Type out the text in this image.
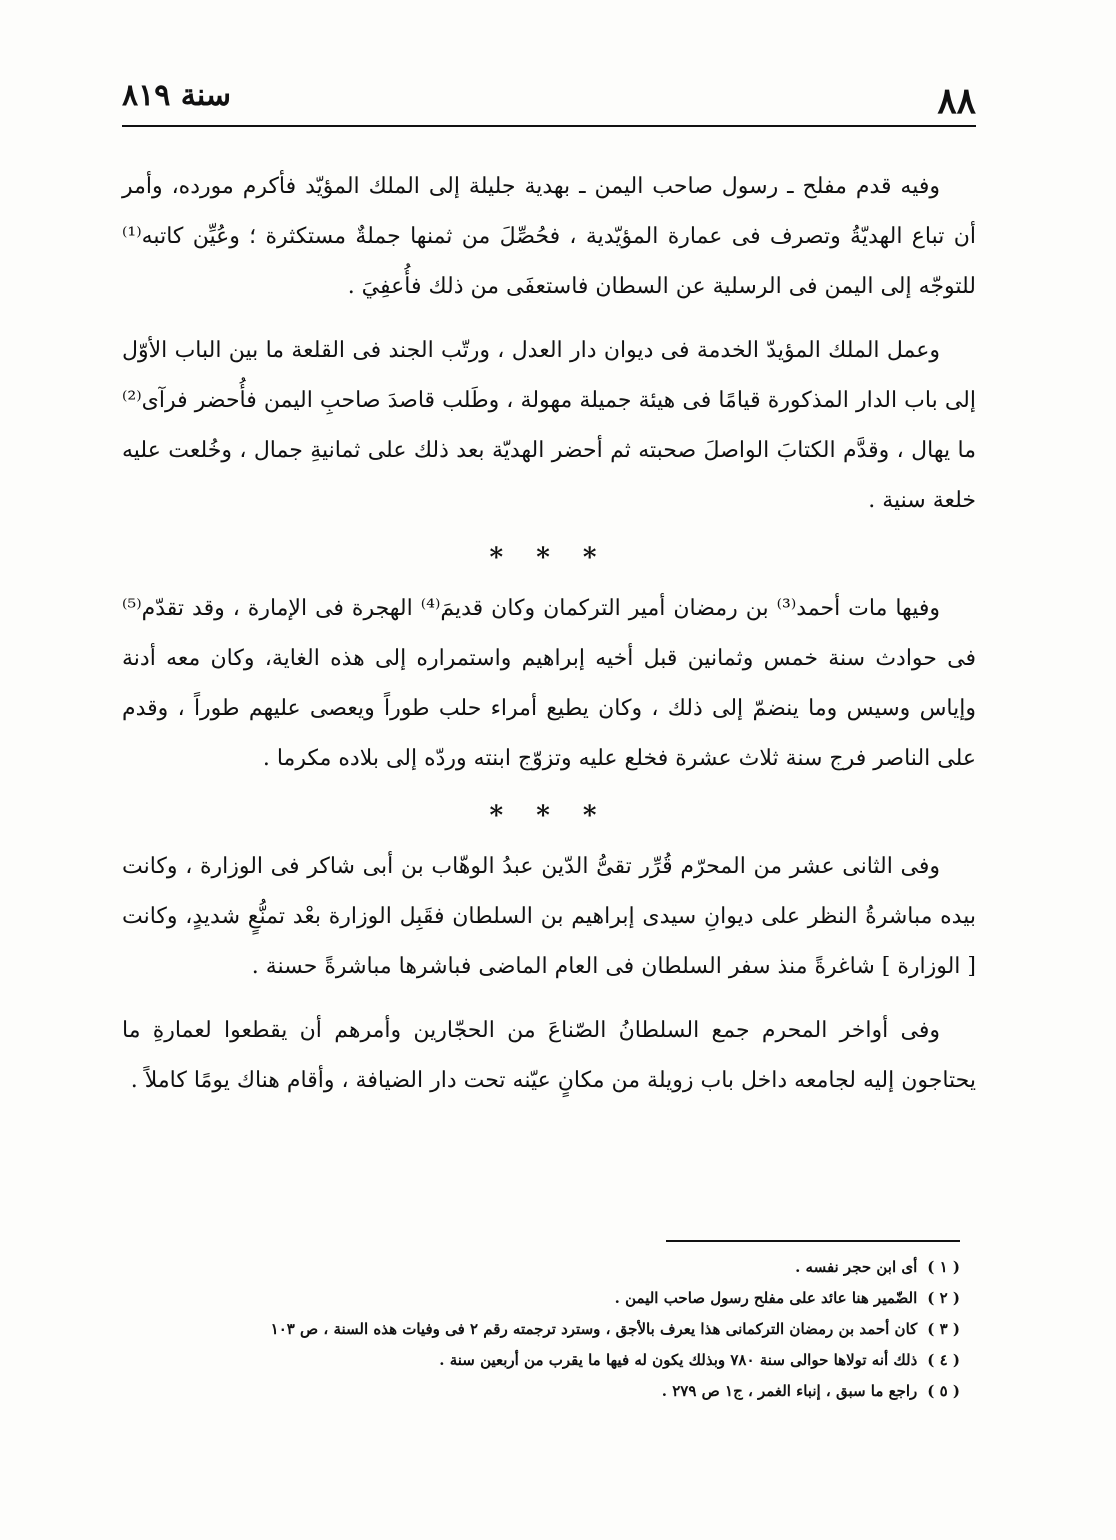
٨٨
سنة ٨١٩

وفيه قدم مفلح ـ رسول صاحب اليمن ـ بهدية جليلة إلى الملك المؤيّد فأكرم مورده، وأمر أن تباع الهديّةُ وتصرف فى عمارة المؤيّدية ، فحُصِّلَ من ثمنها جملةٌ مستكثرة ؛ وعُيِّن كاتبه⁽¹⁾ للتوجّه إلى اليمن فى الرسلية عن السطان فاستعفَى من ذلك فأُعفِيَ .

وعمل الملك المؤيدّ الخدمة فى ديوان دار العدل ، ورتّب الجند فى القلعة ما بين الباب الأوّل إلى باب الدار المذكورة قيامًا فى هيئة جميلة مهولة ، وطَلب قاصدَ صاحبِ اليمن فأُحضر فرآى⁽²⁾ ما يهال ، وقدَّم الكتابَ الواصلَ صحبته ثم أحضر الهديّة بعد ذلك على ثمانيةِ جمال ، وخُلعت عليه خلعة سنية .

* * *

وفيها مات أحمد⁽³⁾ بن رمضان أمير التركمان وكان قديمَ⁽⁴⁾ الهجرة فى الإمارة ، وقد تقدّم⁽⁵⁾ فى حوادث سنة خمس وثمانين قبل أخيه إبراهيم واستمراره إلى هذه الغاية، وكان معه أدنة وإياس وسيس وما ينضمّ إلى ذلك ، وكان يطيع أمراء حلب طوراً ويعصى عليهم طوراً ، وقدم على الناصر فرج سنة ثلاث عشرة فخلع عليه وتزوّج ابنته وردّه إلى بلاده مكرما .

* * *

وفى الثانى عشر من المحرّم قُرِّر تقىُّ الدّين عبدُ الوهّاب بن أبى شاكر فى الوزارة ، وكانت بيده مباشرةُ النظر على ديوانِ سيدى إبراهيم بن السلطان فقَبِل الوزارة بعْد تمنُّعٍ شديدٍ، وكانت [ الوزارة ] شاغرةً منذ سفر السلطان فى العام الماضى فباشرها مباشرةً حسنة .

وفى أواخر المحرم جمع السلطانُ الصّناعَ من الحجّارين وأمرهم أن يقطعوا لعمارةِ ما يحتاجون إليه لجامعه داخل باب زويلة من مكانٍ عيّنه تحت دار الضيافة ، وأقام هناك يومًا كاملاً .

( ١ )أى ابن حجر نفسه .

( ٢ )الضّمير هنا عائد على مفلح رسول صاحب اليمن .

( ٣ )كان أحمد بن رمضان التركمانى هذا يعرف بالأجق ، وسترد ترجمته رقم ٢ فى وفيات هذه السنة ، ص ١٠٣

( ٤ )ذلك أنه تولاها حوالى سنة ٧٨٠ وبذلك يكون له فيها ما يقرب من أربعين سنة .

( ٥ )راجع ما سبق ، إنباء الغمر ، ج١ ص ٢٧٩ .
